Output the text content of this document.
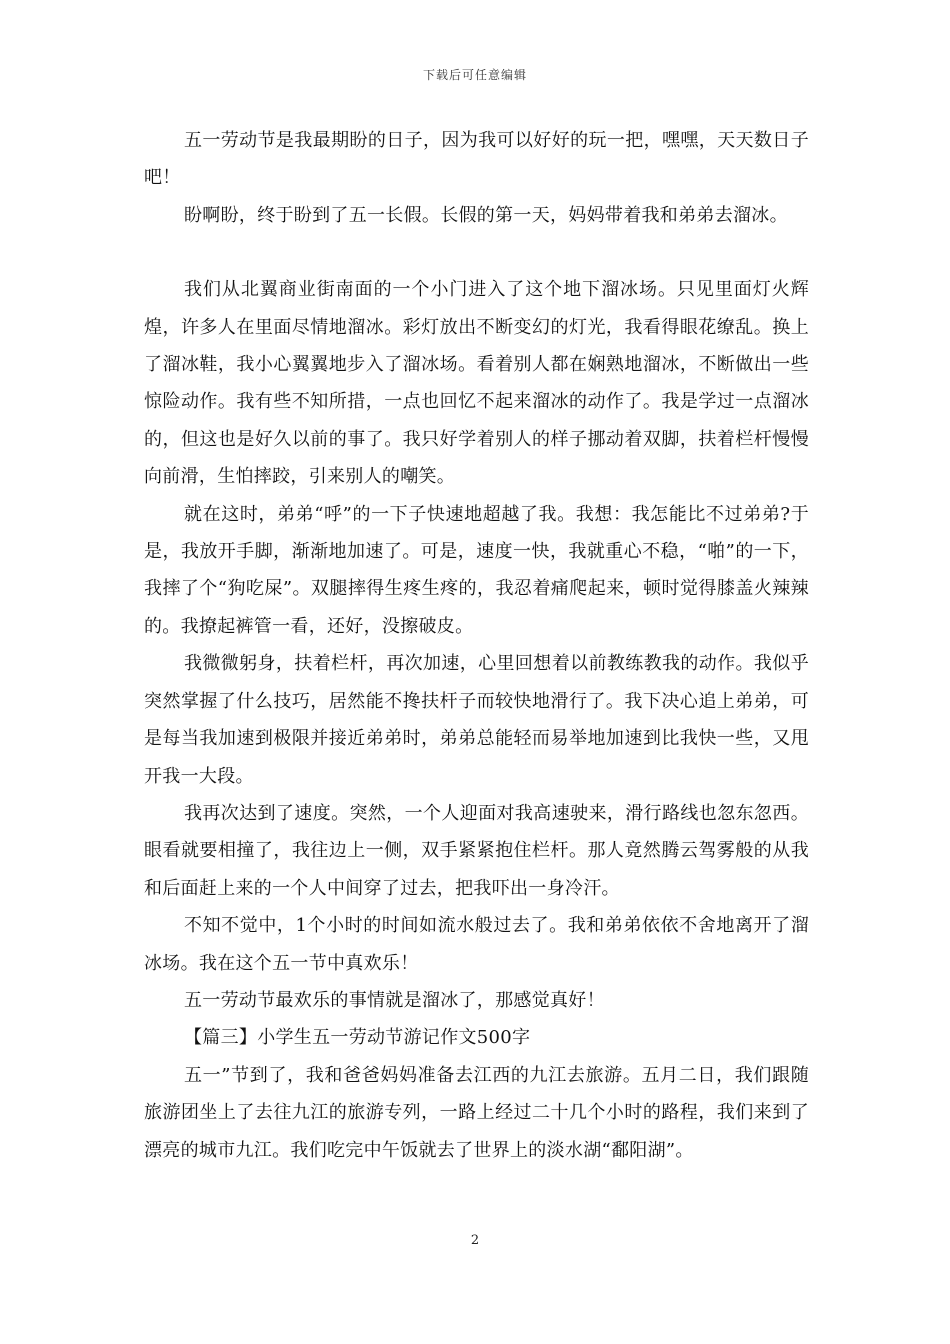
下载后可任意编辑

五一劳动节是我最期盼的日子，因为我可以好好的玩一把，嘿嘿，天天数日子吧！

盼啊盼，终于盼到了五一长假。长假的第一天，妈妈带着我和弟弟去溜冰。

我们从北翼商业街南面的一个小门进入了这个地下溜冰场。只见里面灯火辉煌，许多人在里面尽情地溜冰。彩灯放出不断变幻的灯光，我看得眼花缭乱。换上了溜冰鞋，我小心翼翼地步入了溜冰场。看着别人都在娴熟地溜冰，不断做出一些惊险动作。我有些不知所措，一点也回忆不起来溜冰的动作了。我是学过一点溜冰的，但这也是好久以前的事了。我只好学着别人的样子挪动着双脚，扶着栏杆慢慢向前滑，生怕摔跤，引来别人的嘲笑。

就在这时，弟弟“呼”的一下子快速地超越了我。我想：我怎能比不过弟弟?于是，我放开手脚，渐渐地加速了。可是，速度一快，我就重心不稳，“啪”的一下，我摔了个“狗吃屎”。双腿摔得生疼生疼的，我忍着痛爬起来，顿时觉得膝盖火辣辣的。我撩起裤管一看，还好，没擦破皮。

我微微躬身，扶着栏杆，再次加速，心里回想着以前教练教我的动作。我似乎突然掌握了什么技巧，居然能不搀扶杆子而较快地滑行了。我下决心追上弟弟，可是每当我加速到极限并接近弟弟时，弟弟总能轻而易举地加速到比我快一些，又甩开我一大段。

我再次达到了速度。突然，一个人迎面对我高速驶来，滑行路线也忽东忽西。眼看就要相撞了，我往边上一侧，双手紧紧抱住栏杆。那人竟然腾云驾雾般的从我和后面赶上来的一个人中间穿了过去，把我吓出一身冷汗。

不知不觉中，1个小时的时间如流水般过去了。我和弟弟依依不舍地离开了溜冰场。我在这个五一节中真欢乐！

五一劳动节最欢乐的事情就是溜冰了，那感觉真好！

【篇三】小学生五一劳动节游记作文500字

五一”节到了，我和爸爸妈妈准备去江西的九江去旅游。五月二日，我们跟随旅游团坐上了去往九江的旅游专列，一路上经过二十几个小时的路程，我们来到了漂亮的城市九江。我们吃完中午饭就去了世界上的淡水湖“鄱阳湖”。

2
